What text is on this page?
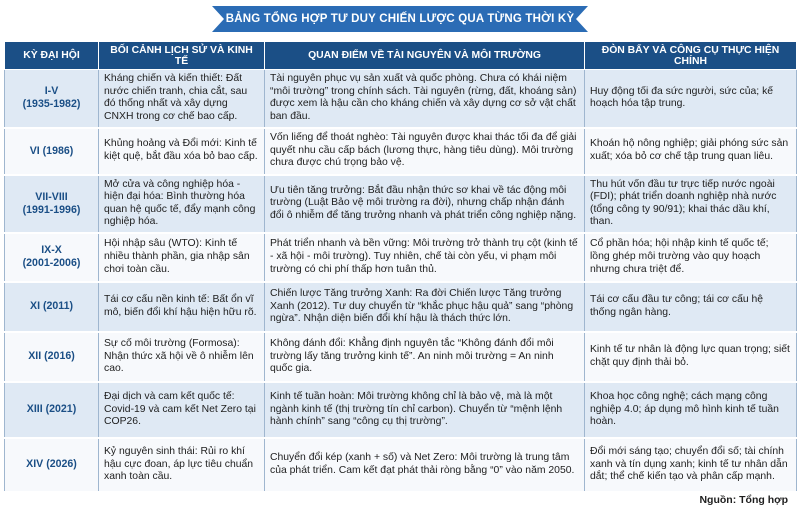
BẢNG TỔNG HỢP TƯ DUY CHIẾN LƯỢC QUA TỪNG THỜI KỲ
KỲ ĐẠI HỘI	BỐI CẢNH LỊCH SỬ VÀ KINH TẾ	QUAN ĐIỂM VỀ TÀI NGUYÊN VÀ MÔI TRƯỜNG	ĐÒN BẨY VÀ CÔNG CỤ THỰC HIỆN CHÍNH

I-V
(1935-1982)	Kháng chiến và kiến thiết: Đất nước chiến tranh, chia cắt, sau đó thống nhất và xây dựng CNXH trong cơ chế bao cấp.	Tài nguyên phục vụ sản xuất và quốc phòng. Chưa có khái niệm “môi trường” trong chính sách. Tài nguyên (rừng, đất, khoáng sản) được xem là hậu cần cho kháng chiến và xây dựng cơ sở vật chất ban đầu.	Huy động tối đa sức người, sức của; kế hoạch hóa tập trung.

VI (1986)	Khủng hoảng và Đổi mới: Kinh tế kiệt quệ, bắt đầu xóa bỏ bao cấp.	Vốn liếng để thoát nghèo: Tài nguyên được khai thác tối đa để giải quyết nhu cầu cấp bách (lương thực, hàng tiêu dùng). Môi trường chưa được chú trọng bảo vệ.	Khoán hộ nông nghiệp; giải phóng sức sản xuất; xóa bỏ cơ chế tập trung quan liêu.

VII-VIII
(1991-1996)	Mở cửa và công nghiệp hóa - hiện đại hóa: Bình thường hóa quan hệ quốc tế, đẩy mạnh công nghiệp hóa.	Ưu tiên tăng trưởng: Bắt đầu nhận thức sơ khai về tác động môi trường (Luật Bảo vệ môi trường ra đời), nhưng chấp nhận đánh đổi ô nhiễm để tăng trưởng nhanh và phát triển công nghiệp nặng.	Thu hút vốn đầu tư trực tiếp nước ngoài (FDI); phát triển doanh nghiệp nhà nước (tổng công ty 90/91); khai thác dầu khí, than.

IX-X
(2001-2006)	Hội nhập sâu (WTO): Kinh tế nhiều thành phần, gia nhập sân chơi toàn cầu.	Phát triển nhanh và bền vững: Môi trường trở thành trụ cột (kinh tế - xã hội - môi trường). Tuy nhiên, chế tài còn yếu, vi phạm môi trường có chi phí thấp hơn tuân thủ.	Cổ phần hóa; hội nhập kinh tế quốc tế; lồng ghép môi trường vào quy hoạch nhưng chưa triệt để.

XI (2011)	Tái cơ cấu nền kinh tế: Bất ổn vĩ mô, biến đổi khí hậu hiện hữu rõ.	Chiến lược Tăng trưởng Xanh: Ra đời Chiến lược Tăng trưởng Xanh (2012). Tư duy chuyển từ “khắc phục hậu quả” sang “phòng ngừa”. Nhận diện biến đổi khí hậu là thách thức lớn.	Tái cơ cấu đầu tư công; tái cơ cấu hệ thống ngân hàng.

XII (2016)	Sự cố môi trường (Formosa): Nhận thức xã hội về ô nhiễm lên cao.	Không đánh đổi: Khẳng định nguyên tắc “Không đánh đổi môi trường lấy tăng trưởng kinh tế”. An ninh môi trường = An ninh quốc gia.	Kinh tế tư nhân là động lực quan trọng; siết chặt quy định thải bỏ.

XIII (2021)	Đại dịch và cam kết quốc tế: Covid-19 và cam kết Net Zero tại COP26.	Kinh tế tuần hoàn: Môi trường không chỉ là bảo vệ, mà là một ngành kinh tế (thị trường tín chỉ carbon). Chuyển từ “mệnh lệnh hành chính” sang “công cụ thị trường”.	Khoa học công nghệ; cách mạng công nghiệp 4.0; áp dụng mô hình kinh tế tuần hoàn.

XIV (2026)	Kỷ nguyên sinh thái: Rủi ro khí hậu cực đoan, áp lực tiêu chuẩn xanh toàn cầu.	Chuyển đổi kép (xanh + số) và Net Zero: Môi trường là trung tâm của phát triển. Cam kết đạt phát thải ròng bằng “0” vào năm 2050.	Đổi mới sáng tạo; chuyển đổi số; tài chính xanh và tín dụng xanh; kinh tế tư nhân dẫn dắt; thể chế kiến tạo và phân cấp mạnh.
Nguồn: Tổng hợp
